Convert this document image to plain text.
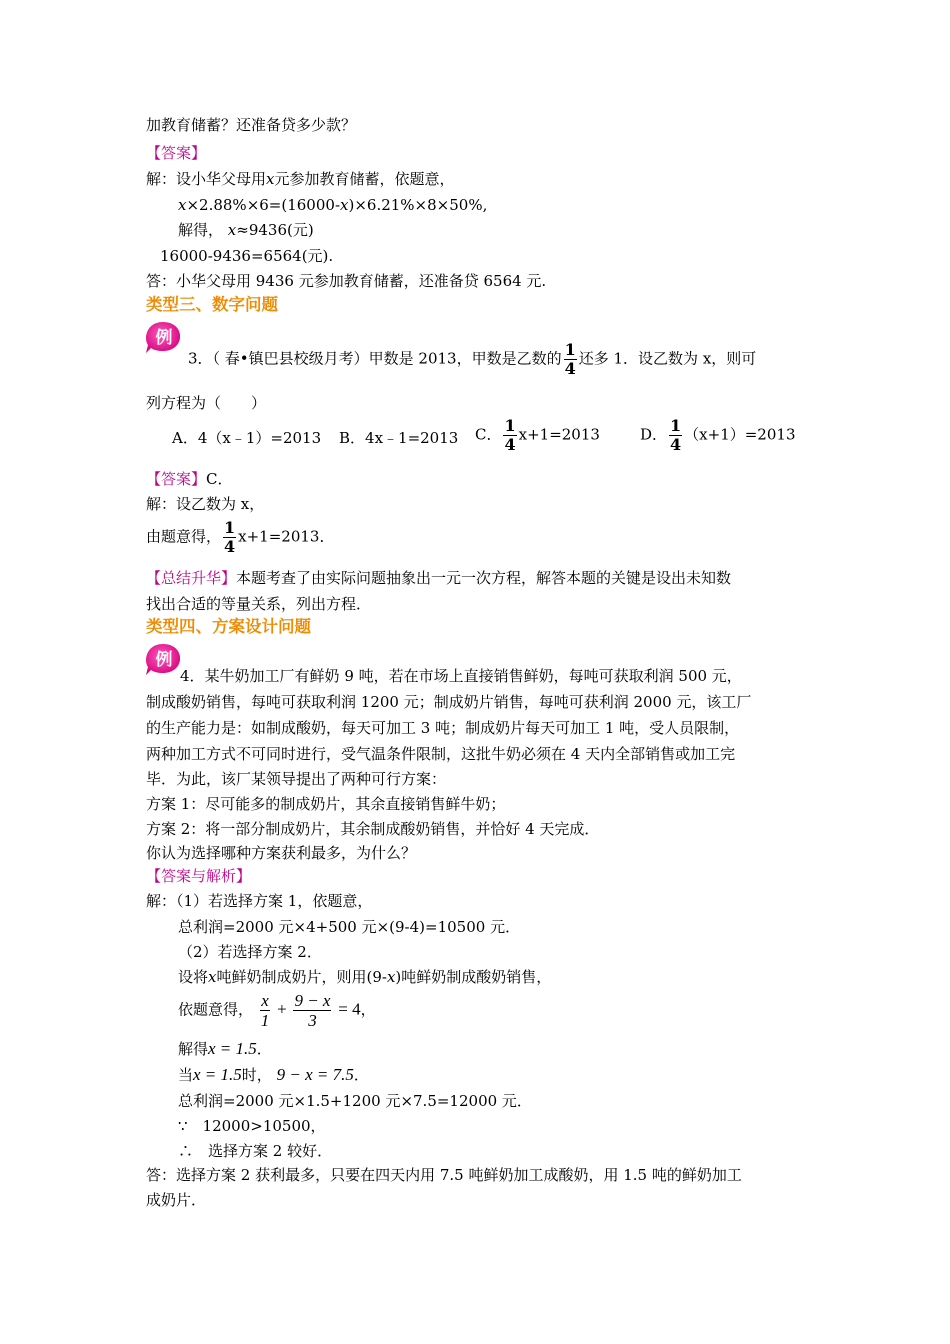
加教育储蓄？还准备贷多少款？
【答案】
解：设小华父母用x元参加教育储蓄，依题意，
x×2.88%×6=(16000-x)×6.21%×8×50%,
解得， x≈9436(元)
16000-9436=6564(元).
答：小华父母用 9436 元参加教育储蓄，还准备贷 6564 元.
类型三、数字问题
例
3．（ 春•镇巴县校级月考）甲数是 2013，甲数是乙数的 $\frac{1}{4}$ 还多 1．设乙数为 x，则可
列方程为（　　）
A．4（x﹣1）=2013 B．4x﹣1=2013 C． $\frac{1}{4} x+1=2013$	D． $\frac{1}{4} (x+1)=2013$
【答案】C．
解：设乙数为 x，
由题意得， $\frac{1}{4} x+1=2013$．
【总结升华】本题考查了由实际问题抽象出一元一次方程，解答本题的关键是设出未知数
找出合适的等量关系，列出方程．
类型四、方案设计问题
例
4．某牛奶加工厂有鲜奶 9 吨，若在市场上直接销售鲜奶，每吨可获取利润 500 元，
制成酸奶销售，每吨可获取利润 1200 元；制成奶片销售，每吨可获利润 2000 元，该工厂
的生产能力是：如制成酸奶，每天可加工 3 吨；制成奶片每天可加工 1 吨，受人员限制，
两种加工方式不可同时进行，受气温条件限制，这批牛奶必须在 4 天内全部销售或加工完
毕．为此，该厂某领导提出了两种可行方案：
方案 1：尽可能多的制成奶片，其余直接销售鲜牛奶；
方案 2：将一部分制成奶片，其余制成酸奶销售，并恰好 4 天完成．
你认为选择哪种方案获利最多，为什么？
【答案与解析】
解：（1）若选择方案 1，依题意，
总利润=2000 元×4+500 元×(9-4)=10500 元．
（2）若选择方案 2．
设将x吨鲜奶制成奶片，则用(9-x)吨鲜奶制成酸奶销售，
依题意得， $\frac{x}{1} + \frac{9 - x}{3} = 4$，
解得x = 1.5．
当x = 1.5时， 9 − x = 7.5．
总利润=2000 元×1.5+1200 元×7.5=12000 元．
∵　12000>10500，
∴　选择方案 2 较好．
答：选择方案 2 获利最多，只要在四天内用 7.5 吨鲜奶加工成酸奶，用 1.5 吨的鲜奶加工
成奶片．
